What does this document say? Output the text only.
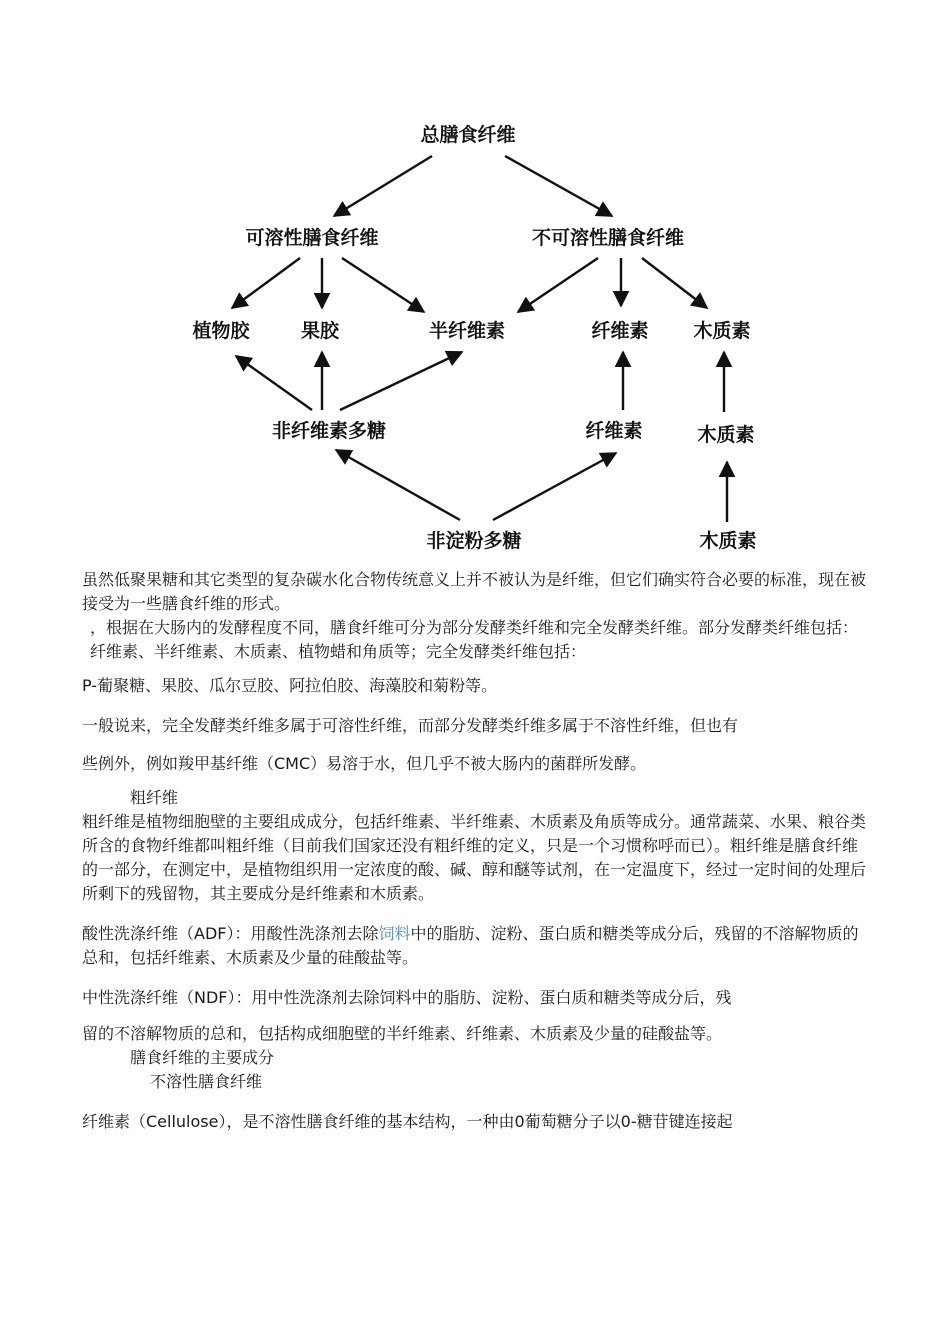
总膳食纤维
可溶性膳食纤维	不可溶性膳食纤维
植物胶	果胶	半纤维素	纤维素 木质素
非纤维素多糖	纤维素	木质素
非淀粉多糖	木质素

虽然低聚果糖和其它类型的复杂碳水化合物传统意义上并不被认为是纤维，但它们确实符合必要的标准，现在被接受为一些膳食纤维的形式。

，根据在大肠内的发酵程度不同，膳食纤维可分为部分发酵类纤维和完全发酵类纤维。部分发酵类纤维包括：纤维素、半纤维素、木质素、植物蜡和角质等；完全发酵类纤维包括：

P-葡聚糖、果胶、瓜尔豆胶、阿拉伯胶、海藻胶和菊粉等。

一般说来，完全发酵类纤维多属于可溶性纤维，而部分发酵类纤维多属于不溶性纤维，但也有

些例外，例如羧甲基纤维（CMC）易溶于水，但几乎不被大肠内的菌群所发酵。

粗纤维

粗纤维是植物细胞壁的主要组成成分，包括纤维素、半纤维素、木质素及角质等成分。通常蔬菜、水果、粮谷类所含的食物纤维都叫粗纤维（目前我们国家还没有粗纤维的定义，只是一个习惯称呼而已）。粗纤维是膳食纤维的一部分，在测定中，是植物组织用一定浓度的酸、碱、醇和醚等试剂，在一定温度下，经过一定时间的处理后所剩下的残留物，其主要成分是纤维素和木质素。

酸性洗涤纤维（ADF）：用酸性洗涤剂去除饲料中的脂肪、淀粉、蛋白质和糖类等成分后，残留的不溶解物质的总和，包括纤维素、木质素及少量的硅酸盐等。

中性洗涤纤维（NDF）：用中性洗涤剂去除饲料中的脂肪、淀粉、蛋白质和糖类等成分后，残

留的不溶解物质的总和，包括构成细胞壁的半纤维素、纤维素、木质素及少量的硅酸盐等。

膳食纤维的主要成分

不溶性膳食纤维

纤维素（Cellulose），是不溶性膳食纤维的基本结构，一种由0葡萄糖分子以0-糖苷键连接起
